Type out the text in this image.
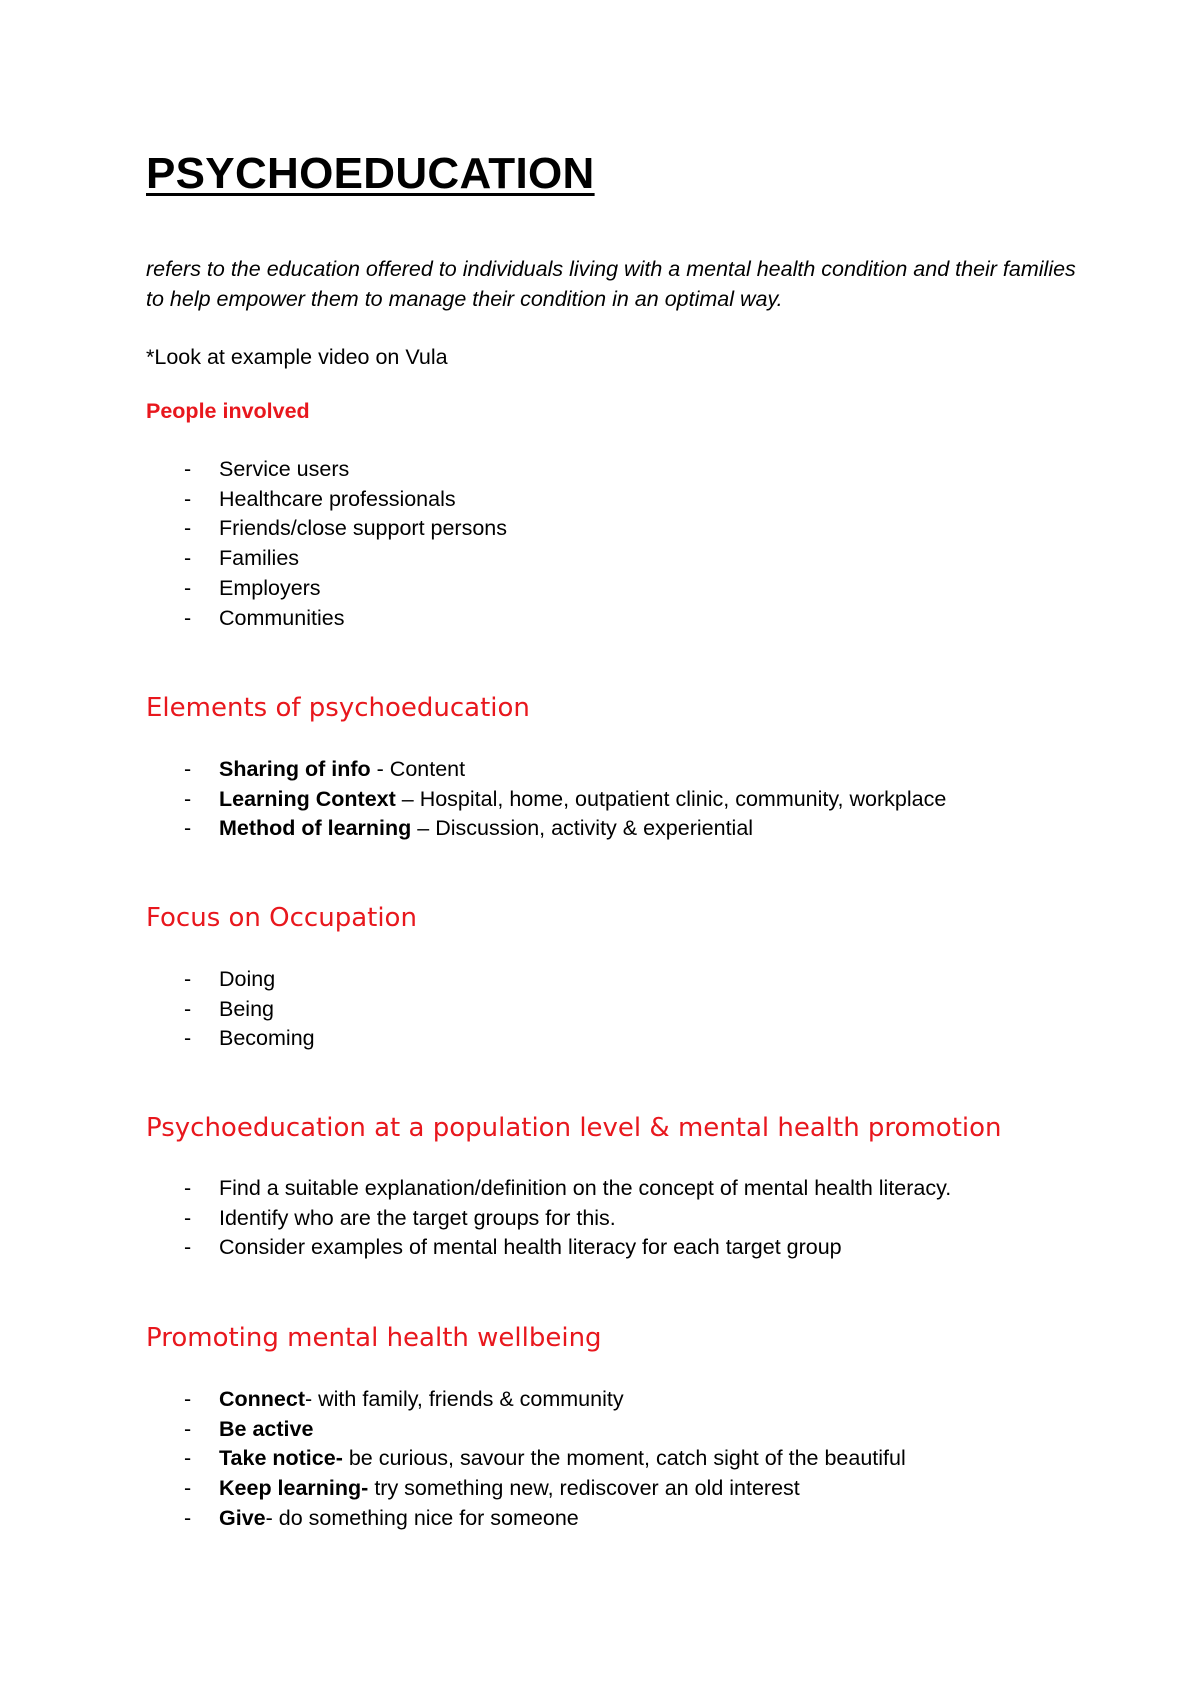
PSYCHOEDUCATION

refers to the education offered to individuals living with a mental health condition and their families to help empower them to manage their condition in an optimal way.

*Look at example video on Vula

People involved

- Service users
- Healthcare professionals
- Friends/close support persons
- Families
- Employers
- Communities
Elements of psychoeducation
- Sharing of info - Content
- Learning Context – Hospital, home, outpatient clinic, community, workplace
- Method of learning – Discussion, activity & experiential
Focus on Occupation
- Doing
- Being
- Becoming
Psychoeducation at a population level & mental health promotion
- Find a suitable explanation/definition on the concept of mental health literacy.
- Identify who are the target groups for this.
- Consider examples of mental health literacy for each target group
Promoting mental health wellbeing
- Connect- with family, friends & community
- Be active
- Take notice- be curious, savour the moment, catch sight of the beautiful
- Keep learning- try something new, rediscover an old interest
- Give- do something nice for someone
